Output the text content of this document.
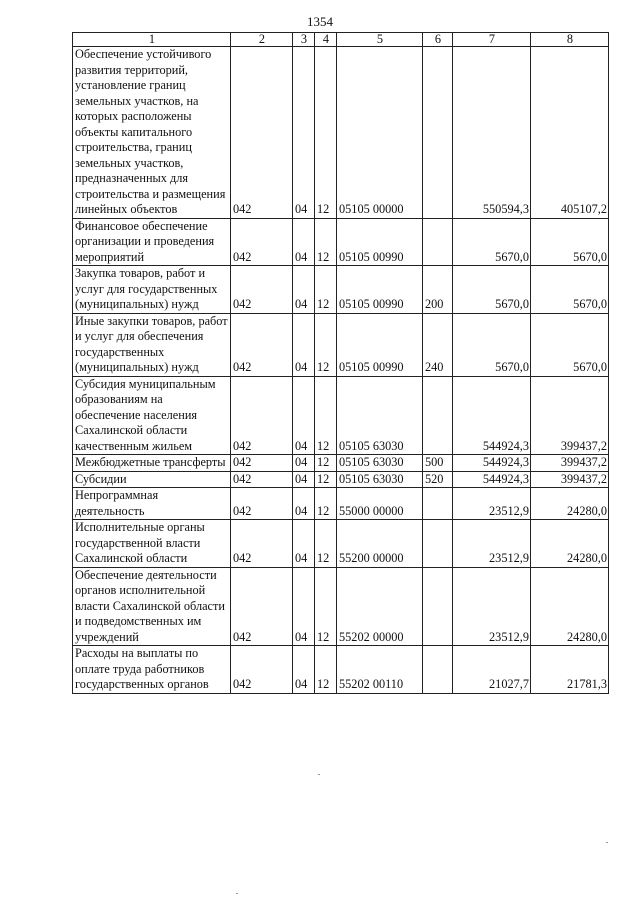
1354
1	2	3	4	5	6	7	8
Обеспечение устойчивого развития территорий, установление границ земельных участков, на которых расположены объекты капитального строительства, границ земельных участков, предназначенных для строительства и размещения линейных объектов	042	04	12	05105 00000		550594,3	405107,2
Финансовое обеспечение организации и проведения мероприятий	042	04	12	05105 00990		5670,0	5670,0
Закупка товаров, работ и услуг для государственных (муниципальных) нужд	042	04	12	05105 00990	200	5670,0	5670,0
Иные закупки товаров, работ и услуг для обеспечения государственных (муниципальных) нужд	042	04	12	05105 00990	240	5670,0	5670,0
Субсидия муниципальным образованиям на обеспечение населения Сахалинской области качественным жильем	042	04	12	05105 63030		544924,3	399437,2
Межбюджетные трансферты	042	04	12	05105 63030	500	544924,3	399437,2
Субсидии	042	04	12	05105 63030	520	544924,3	399437,2
Непрограммная деятельность	042	04	12	55000 00000		23512,9	24280,0
Исполнительные органы государственной власти Сахалинской области	042	04	12	55200 00000		23512,9	24280,0
Обеспечение деятельности органов исполнительной власти Сахалинской области и подведомственных им учреждений	042	04	12	55202 00000		23512,9	24280,0
Расходы на выплаты по оплате труда работников государственных органов	042	04	12	55202 00110		21027,7	21781,3
